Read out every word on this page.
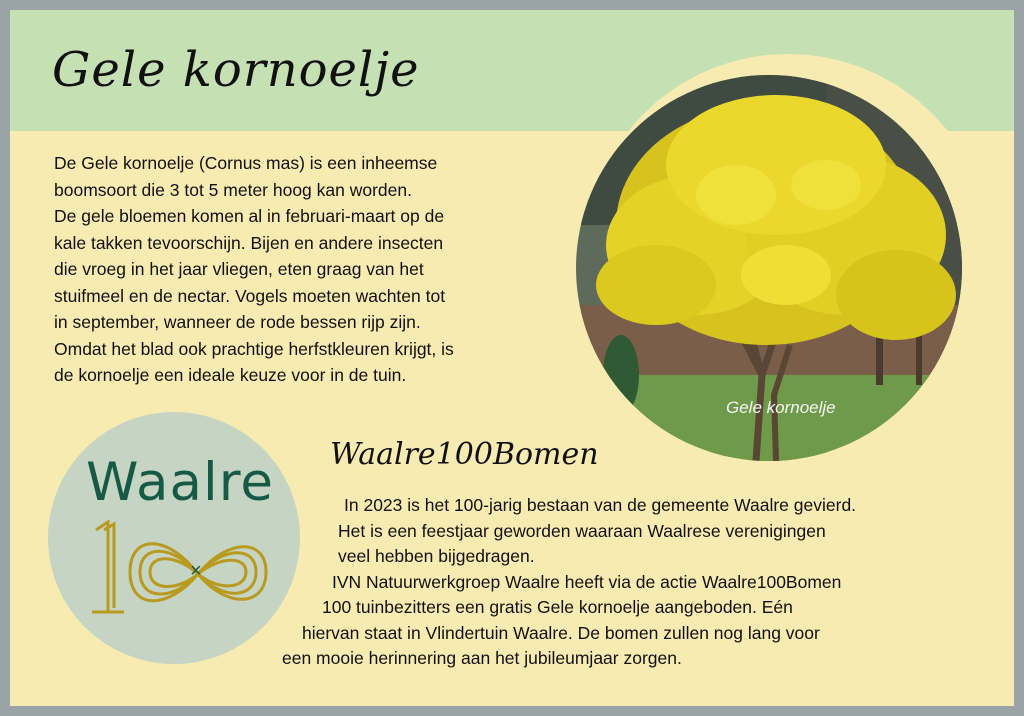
Gele kornoelje
Gele kornoelje
De Gele kornoelje (Cornus mas) is een inheemse
boomsoort die 3 tot 5 meter hoog kan worden.
De gele bloemen komen al in februari-maart op de
kale takken tevoorschijn. Bijen en andere insecten
die vroeg in het jaar vliegen, eten graag van het
stuifmeel en de nectar. Vogels moeten wachten tot
in september, wanneer de rode bessen rijp zijn.
Omdat het blad ook prachtige herfstkleuren krijgt, is
de kornoelje een ideale keuze voor in de tuin.
Waalre
×
Waalre100Bomen
In 2023 is het 100-jarig bestaan van de gemeente Waalre gevierd.
Het is een feestjaar geworden waaraan Waalrese verenigingen
veel hebben bijgedragen.
IVN Natuurwerkgroep Waalre heeft via de actie Waalre100Bomen
100 tuinbezitters een gratis Gele kornoelje aangeboden. Eén
hiervan staat in Vlindertuin Waalre. De bomen zullen nog lang voor
een mooie herinnering aan het jubileumjaar zorgen.
